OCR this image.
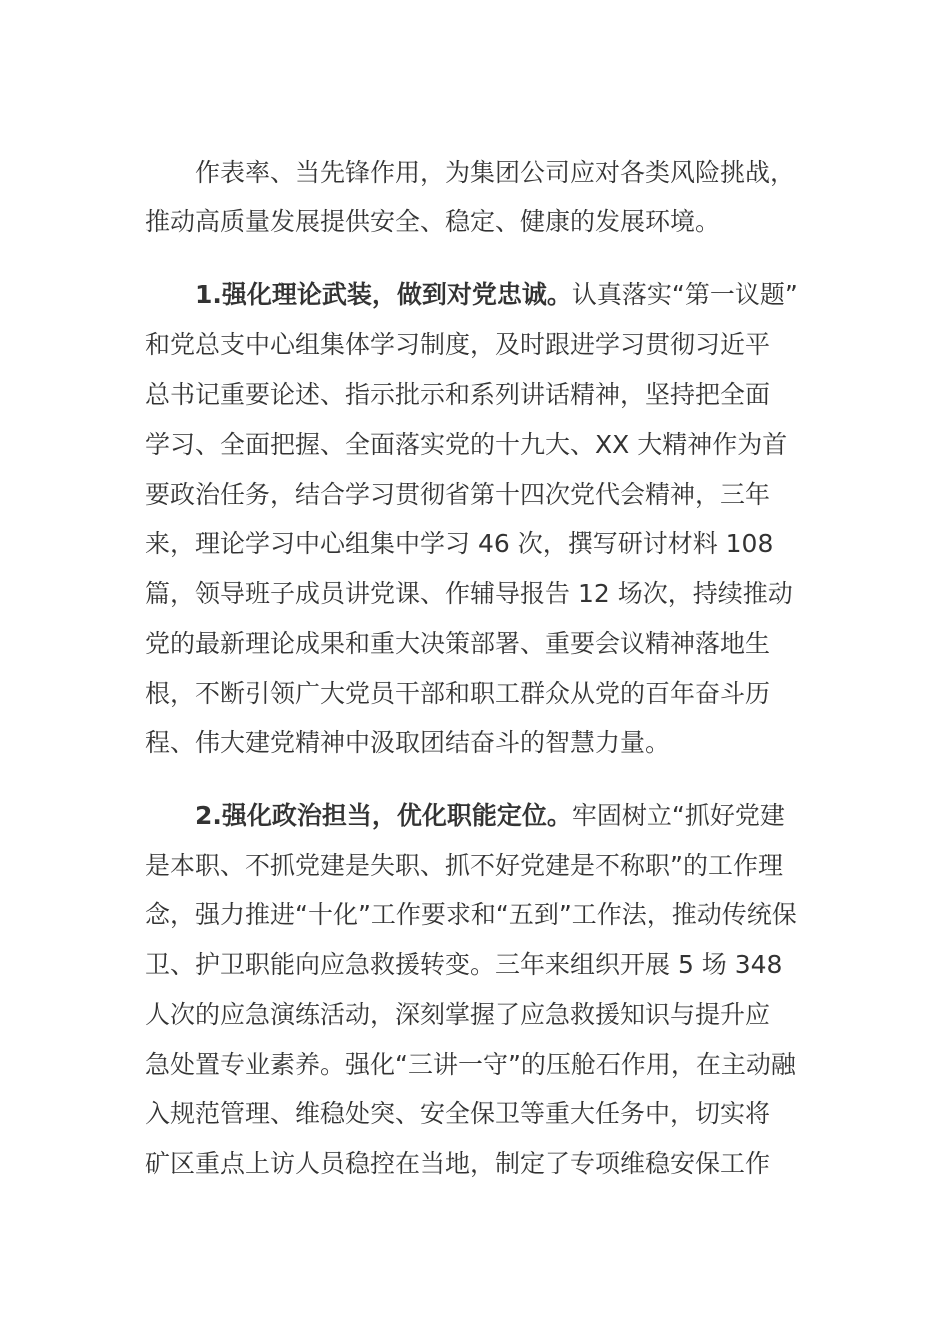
作表率、当先锋作用，为集团公司应对各类风险挑战，
推动高质量发展提供安全、稳定、健康的发展环境。
1.强化理论武装，做到对党忠诚。认真落实“第一议题”
和党总支中心组集体学习制度，及时跟进学习贯彻习近平
总书记重要论述、指示批示和系列讲话精神，坚持把全面
学习、全面把握、全面落实党的十九大、XX 大精神作为首
要政治任务，结合学习贯彻省第十四次党代会精神，三年
来，理论学习中心组集中学习 46 次，撰写研讨材料 108
篇，领导班子成员讲党课、作辅导报告 12 场次，持续推动
党的最新理论成果和重大决策部署、重要会议精神落地生
根，不断引领广大党员干部和职工群众从党的百年奋斗历
程、伟大建党精神中汲取团结奋斗的智慧力量。
2.强化政治担当，优化职能定位。牢固树立“抓好党建
是本职、不抓党建是失职、抓不好党建是不称职”的工作理
念，强力推进“十化”工作要求和“五到”工作法，推动传统保
卫、护卫职能向应急救援转变。三年来组织开展 5 场 348
人次的应急演练活动，深刻掌握了应急救援知识与提升应
急处置专业素养。强化“三讲一守”的压舱石作用，在主动融
入规范管理、维稳处突、安全保卫等重大任务中，切实将
矿区重点上访人员稳控在当地，制定了专项维稳安保工作
